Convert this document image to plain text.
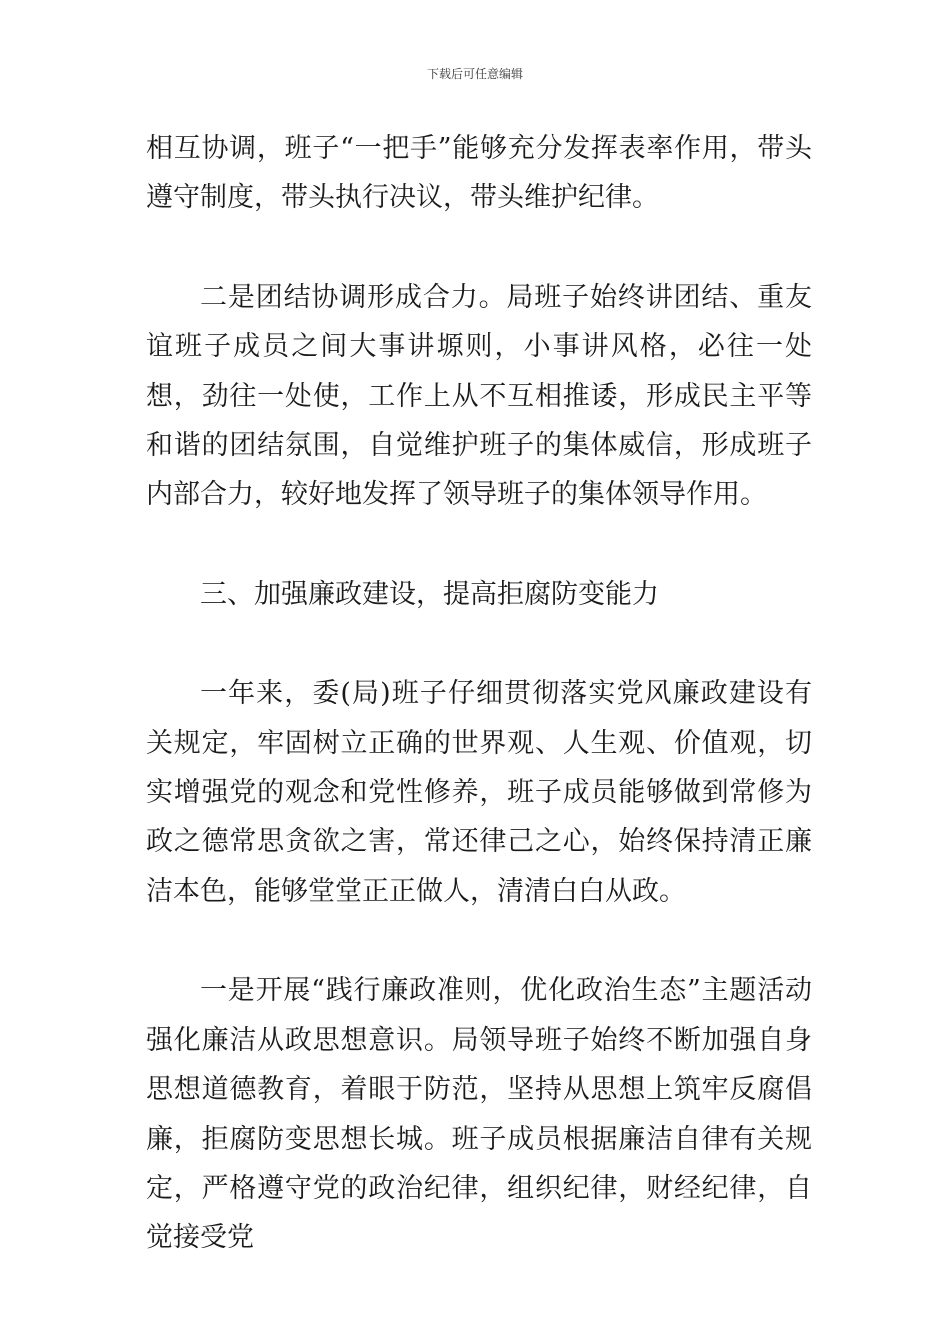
下载后可任意编辑

相互协调，班子“一把手”能够充分发挥表率作用，带头遵守制度，带头执行决议，带头维护纪律。

二是团结协调形成合力。局班子始终讲团结、重友谊班子成员之间大事讲塬则，小事讲风格，必往一处想，劲往一处使，工作上从不互相推诿，形成民主平等和谐的团结氛围，自觉维护班子的集体威信，形成班子内部合力，较好地发挥了领导班子的集体领导作用。

三、加强廉政建设，提高拒腐防变能力

一年来，委(局)班子仔细贯彻落实党风廉政建设有关规定，牢固树立正确的世界观、人生观、价值观，切实增强党的观念和党性修养，班子成员能够做到常修为政之德常思贪欲之害，常还律己之心，始终保持清正廉洁本色，能够堂堂正正做人，清清白白从政。

一是开展“践行廉政准则，优化政治生态”主题活动强化廉洁从政思想意识。局领导班子始终不断加强自身思想道德教育，着眼于防范，坚持从思想上筑牢反腐倡廉，拒腐防变思想长城。班子成员根据廉洁自律有关规定，严格遵守党的政治纪律，组织纪律，财经纪律，自觉接受党
